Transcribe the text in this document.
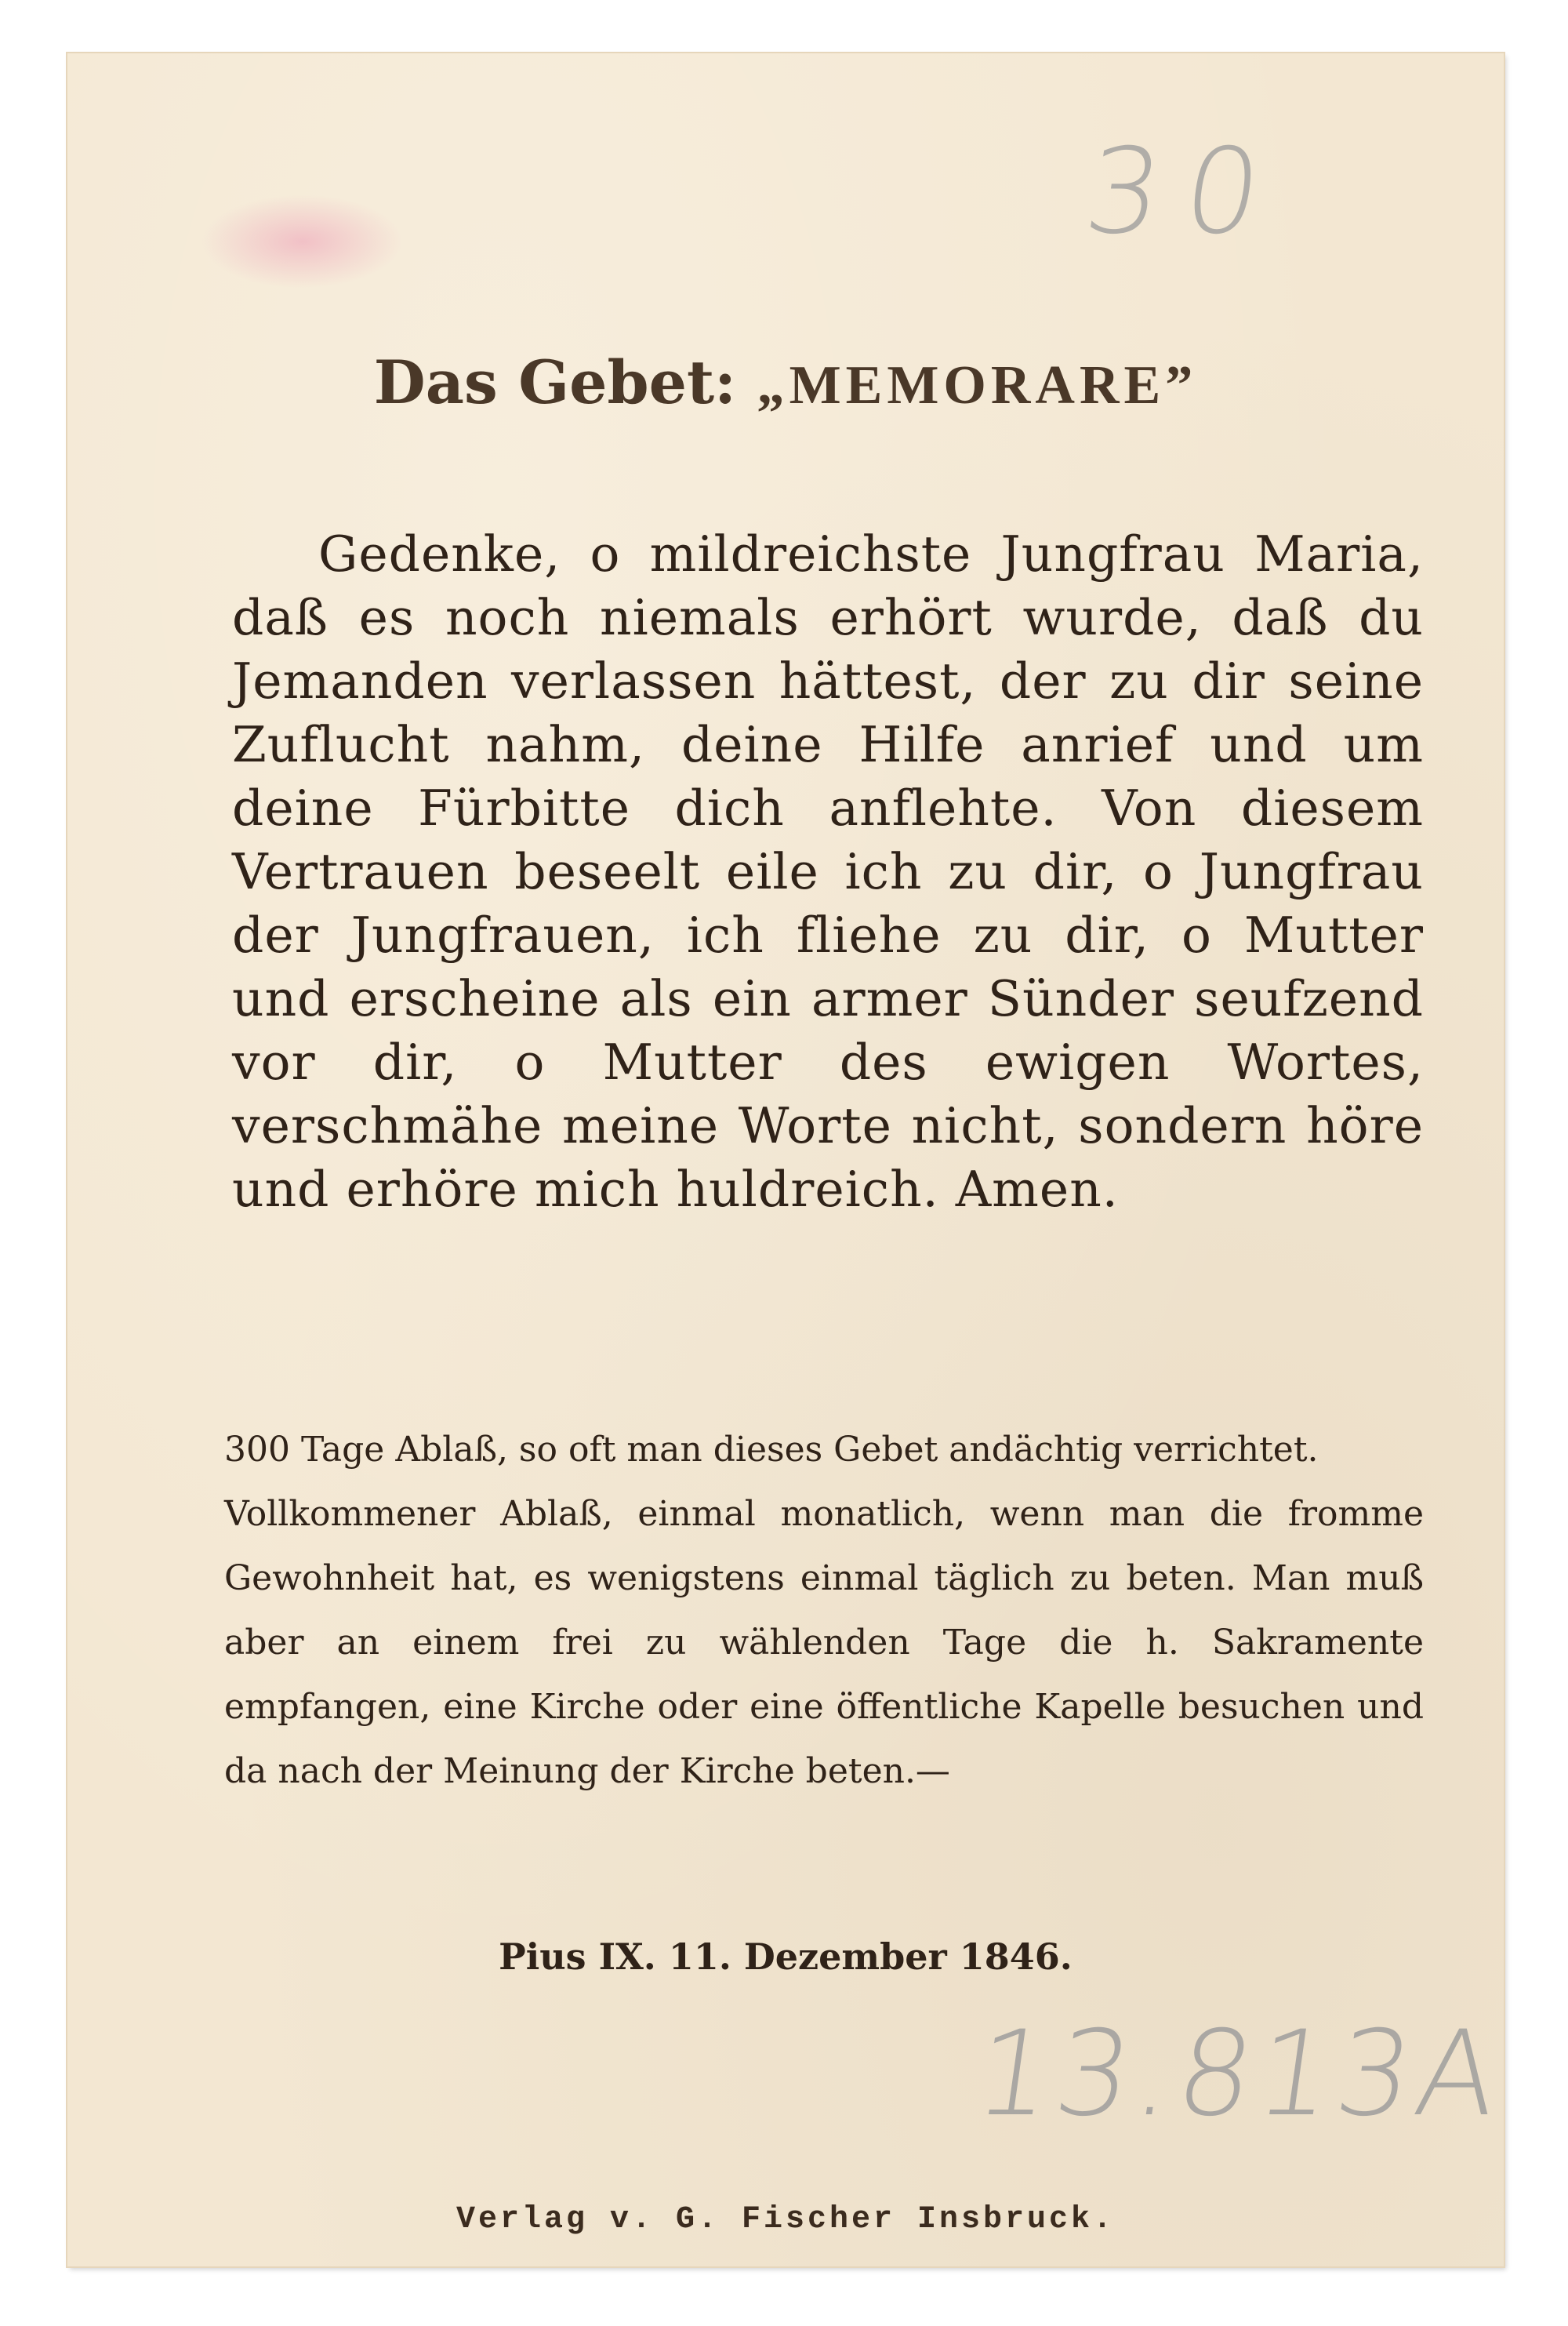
30
Das Gebet: „MEMORARE”

Gedenke, o mildreichste Jungfrau Maria, daß es noch niemals erhört wurde, daß du Jemanden verlassen hättest, der zu dir seine Zuflucht nahm, deine Hilfe anrief und um deine Fürbitte dich anflehte. Von diesem Vertrauen beseelt eile ich zu dir, o Jungfrau der Jungfrauen, ich fliehe zu dir, o Mutter und erscheine als ein armer Sünder seufzend vor dir, o Mutter des ewigen Wortes, verschmähe meine Worte nicht, sondern höre und erhöre mich huldreich. Amen.

300 Tage Ablaß, so oft man dieses Gebet andächtig verrichtet.

Vollkommener Ablaß, einmal monatlich, wenn man die fromme Gewohnheit hat, es wenigstens einmal täglich zu beten. Man muß aber an einem frei zu wählenden Tage die h. Sakramente empfangen, eine Kirche oder eine öffentliche Kapelle besuchen und da nach der Meinung der Kirche beten.—

Pius IX. 11. Dezember 1846.
13.813A
Verlag v. G. Fischer Insbruck.
